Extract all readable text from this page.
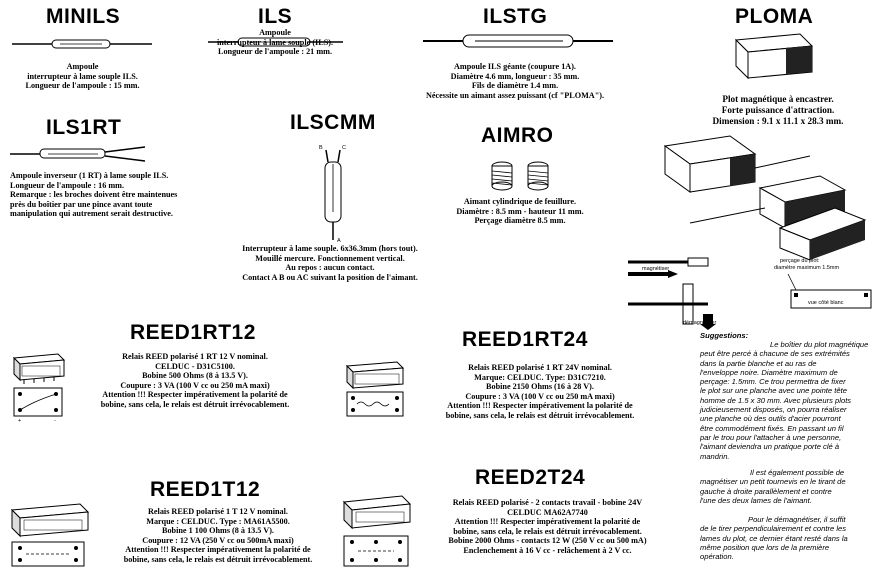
MINILS
Ampoule
interrupteur à lame souple ILS.
Longueur de l'ampoule : 15 mm.
ILS
Ampoule
interrupteur à lame souple (ILS).
Longueur de l'ampoule : 21 mm.
ILSTG
Ampoule ILS géante (coupure 1A).
Diamètre 4.6 mm, longueur : 35 mm.
Fils de diamètre 1.4 mm.
Nécessite un aimant assez puissant (cf "PLOMA").
PLOMA
Plot magnétique à encastrer.
Forte puissance d'attraction.
Dimension : 9.1 x 11.1 x 28.3 mm.
ILS1RT
Ampoule inverseur (1 RT) à lame souple ILS.
Longueur de l'ampoule : 16 mm.
Remarque : les broches doivent être maintenues
près du boîtier par une pince avant toute
manipulation qui autrement serait destructive.
ILSCMM
B	C
A
Interrupteur à lame souple. 6x36.3mm (hors tout).
Mouillé mercure. Fonctionnement vertical.
Au repos : aucun contact.
Contact A B ou AC suivant la position de l'aimant.
AIMRO
Aimant cylindrique de feuillure.
Diamètre : 8.5 mm - hauteur 11 mm.
Perçage diamètre 8.5 mm.
magnétiser
démagnétiser
perçage du plot:
diamètre maximum 1.5mm
vue côté blanc
Suggestions:
Le boîtier du plot magnétique
peut être percé à chacune de ses extrémités
dans la partie blanche et au ras de
l'enveloppe noire. Diamètre maximum de
perçage: 1.5mm. Ce trou permettra de fixer
le plot sur une planche avec une pointe tête
homme de 1.5 x 30 mm. Avec plusieurs plots
judicieusement disposés, on pourra réaliser
une planche où des outils d'acier pourront
être commodément fixés. En passant un fil
par le trou pour l'attacher à une personne,
l'aimant deviendra un pratique porte clé à
mandrin.
Il est également possible de
magnétiser un petit tournevis en le tirant de
gauche à droite parallèlement et contre
l'une des deux lames de l'aimant.
Pour le démagnétiser, il suffit
de le tirer perpendiculairement et contre les
lames du plot, ce dernier étant resté dans la
même position que lors de la première
opération.
REED1RT12
+	-
Relais REED polarisé 1 RT 12 V nominal.
CELDUC - D31C5100.
Bobine 500 Ohms (8 à 13.5 V).
Coupure : 3 VA (100 V cc ou 250 mA maxi)
Attention !!! Respecter impérativement la polarité de
bobine, sans cela, le relais est détruit irrévocablement.
REED1RT24
Relais REED polarisé 1 RT 24V nominal.
Marque: CELDUC. Type: D31C7210.
Bobine 2150 Ohms (16 à 28 V).
Coupure : 3 VA (100 V cc ou 250 mA maxi)
Attention !!! Respecter impérativement la polarité de
bobine, sans cela, le relais est détruit irrévocablement.
REED1T12
Relais REED polarisé 1 T 12 V nominal.
Marque : CELDUC. Type : MA61A5500.
Bobine 1 100 Ohms (8 à 13.5 V).
Coupure : 12 VA (250 V cc ou 500mA maxi)
Attention !!! Respecter impérativement la polarité de
bobine, sans cela, le relais est détruit irrévocablement.
REED2T24
Relais REED polarisé - 2 contacts travail - bobine 24V
CELDUC MA62A7740
Attention !!! Respecter impérativement la polarité de
bobine, sans cela, le relais est détruit irrévocablement.
Bobine 2000 Ohms - contacts 12 W (250 V cc ou 500 mA)
Enclenchement à 16 V cc - relâchement à 2 V cc.
